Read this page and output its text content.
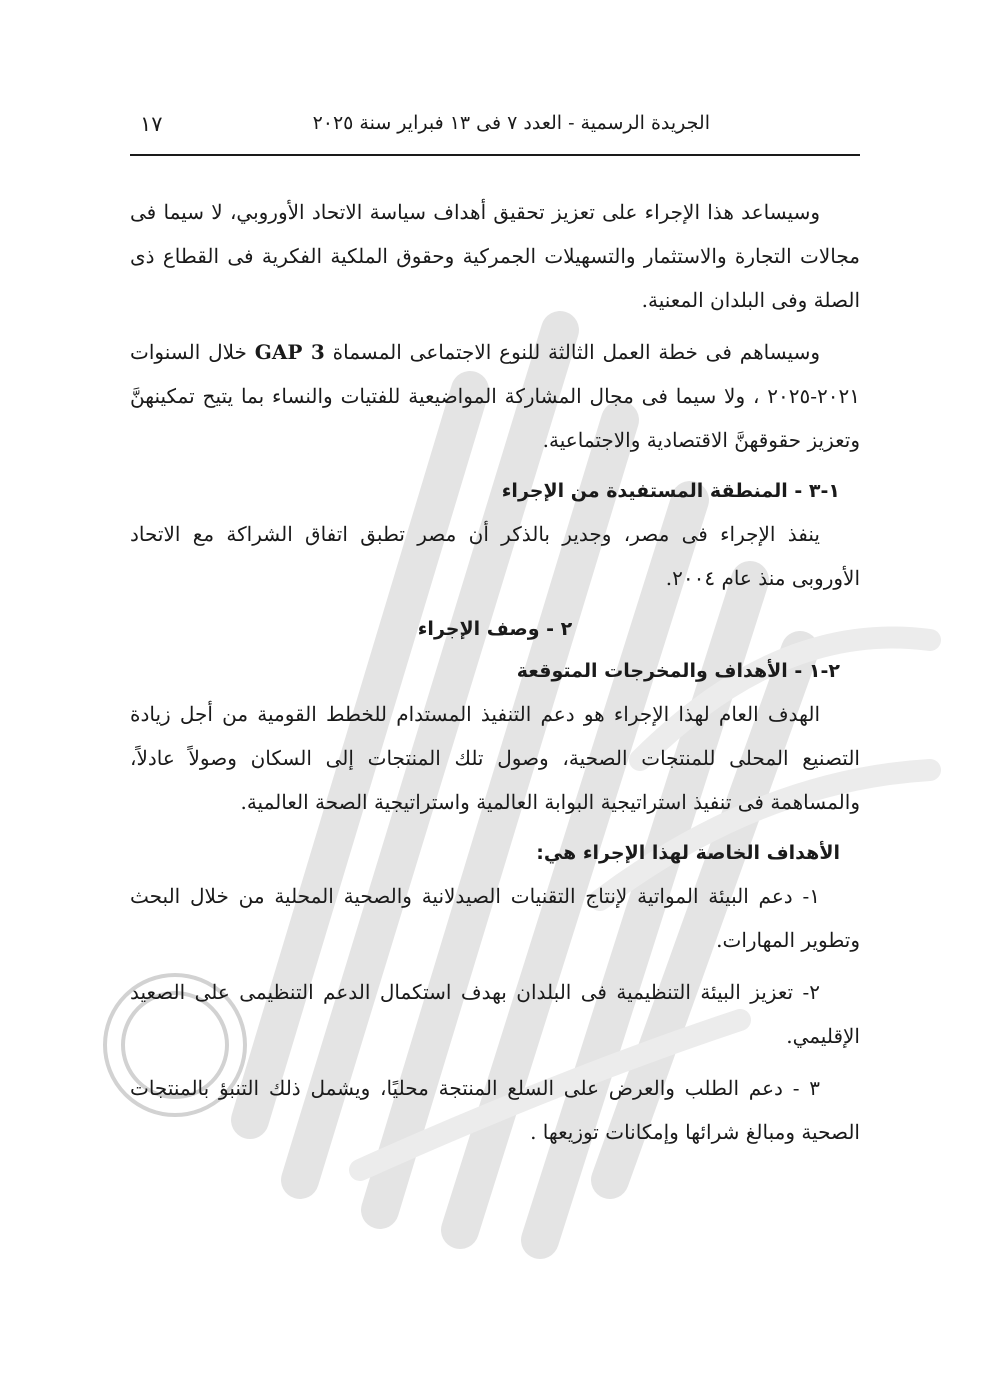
الجريدة الرسمية - العدد ٧ فى ١٣ فبراير سنة ٢٠٢٥
١٧

وسيساعد هذا الإجراء على تعزيز تحقيق أهداف سياسة الاتحاد الأوروبي، لا سيما فى مجالات التجارة والاستثمار والتسهيلات الجمركية وحقوق الملكية الفكرية فى القطاع ذى الصلة وفى البلدان المعنية.

وسيساهم فى خطة العمل الثالثة للنوع الاجتماعى المسماة GAP 3 خلال السنوات ٢٠٢١-٢٠٢٥ ، ولا سيما فى مجال المشاركة المواضيعية للفتيات والنساء بما يتيح تمكينهنَّ وتعزيز حقوقهنَّ الاقتصادية والاجتماعية.

١-٣ - المنطقة المستفيدة من الإجراء

ينفذ الإجراء فى مصر، وجدير بالذكر أن مصر تطبق اتفاق الشراكة مع الاتحاد الأوروبى منذ عام ٢٠٠٤.

٢ - وصف الإجراء

٢-١ - الأهداف والمخرجات المتوقعة

الهدف العام لهذا الإجراء هو دعم التنفيذ المستدام للخطط القومية من أجل زيادة التصنيع المحلى للمنتجات الصحية، وصول تلك المنتجات إلى السكان وصولاً عادلاً، والمساهمة فى تنفيذ استراتيجية البوابة العالمية واستراتيجية الصحة العالمية.

الأهداف الخاصة لهذا الإجراء هي:

١- دعم البيئة المواتية لإنتاج التقنيات الصيدلانية والصحية المحلية من خلال البحث وتطوير المهارات.

٢- تعزيز البيئة التنظيمية فى البلدان بهدف استكمال الدعم التنظيمى على الصعيد الإقليمي.

٣ - دعم الطلب والعرض على السلع المنتجة محليًا، ويشمل ذلك التنبؤ بالمنتجات الصحية ومبالغ شرائها وإمكانات توزيعها .
